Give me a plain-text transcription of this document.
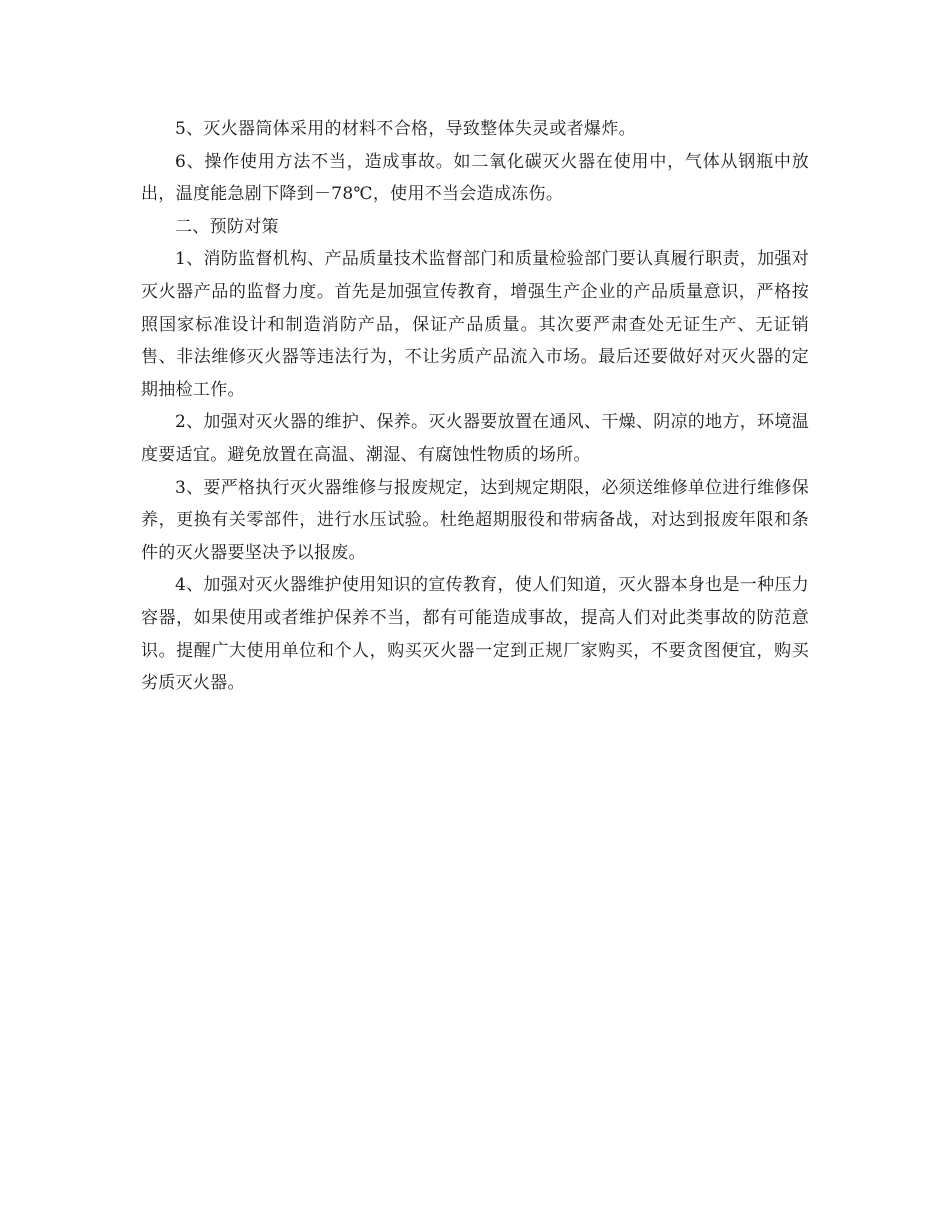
5、灭火器筒体采用的材料不合格，导致整体失灵或者爆炸。

6、操作使用方法不当，造成事故。如二氧化碳灭火器在使用中，气体从钢瓶中放出，温度能急剧下降到－78℃，使用不当会造成冻伤。

二、预防对策

1、消防监督机构、产品质量技术监督部门和质量检验部门要认真履行职责，加强对灭火器产品的监督力度。首先是加强宣传教育，增强生产企业的产品质量意识，严格按照国家标准设计和制造消防产品，保证产品质量。其次要严肃查处无证生产、无证销售、非法维修灭火器等违法行为，不让劣质产品流入市场。最后还要做好对灭火器的定期抽检工作。

2、加强对灭火器的维护、保养。灭火器要放置在通风、干燥、阴凉的地方，环境温度要适宜。避免放置在高温、潮湿、有腐蚀性物质的场所。

3、要严格执行灭火器维修与报废规定，达到规定期限，必须送维修单位进行维修保养，更换有关零部件，进行水压试验。杜绝超期服役和带病备战，对达到报废年限和条件的灭火器要坚决予以报废。

4、加强对灭火器维护使用知识的宣传教育，使人们知道，灭火器本身也是一种压力容器，如果使用或者维护保养不当，都有可能造成事故，提高人们对此类事故的防范意识。提醒广大使用单位和个人，购买灭火器一定到正规厂家购买，不要贪图便宜，购买劣质灭火器。
